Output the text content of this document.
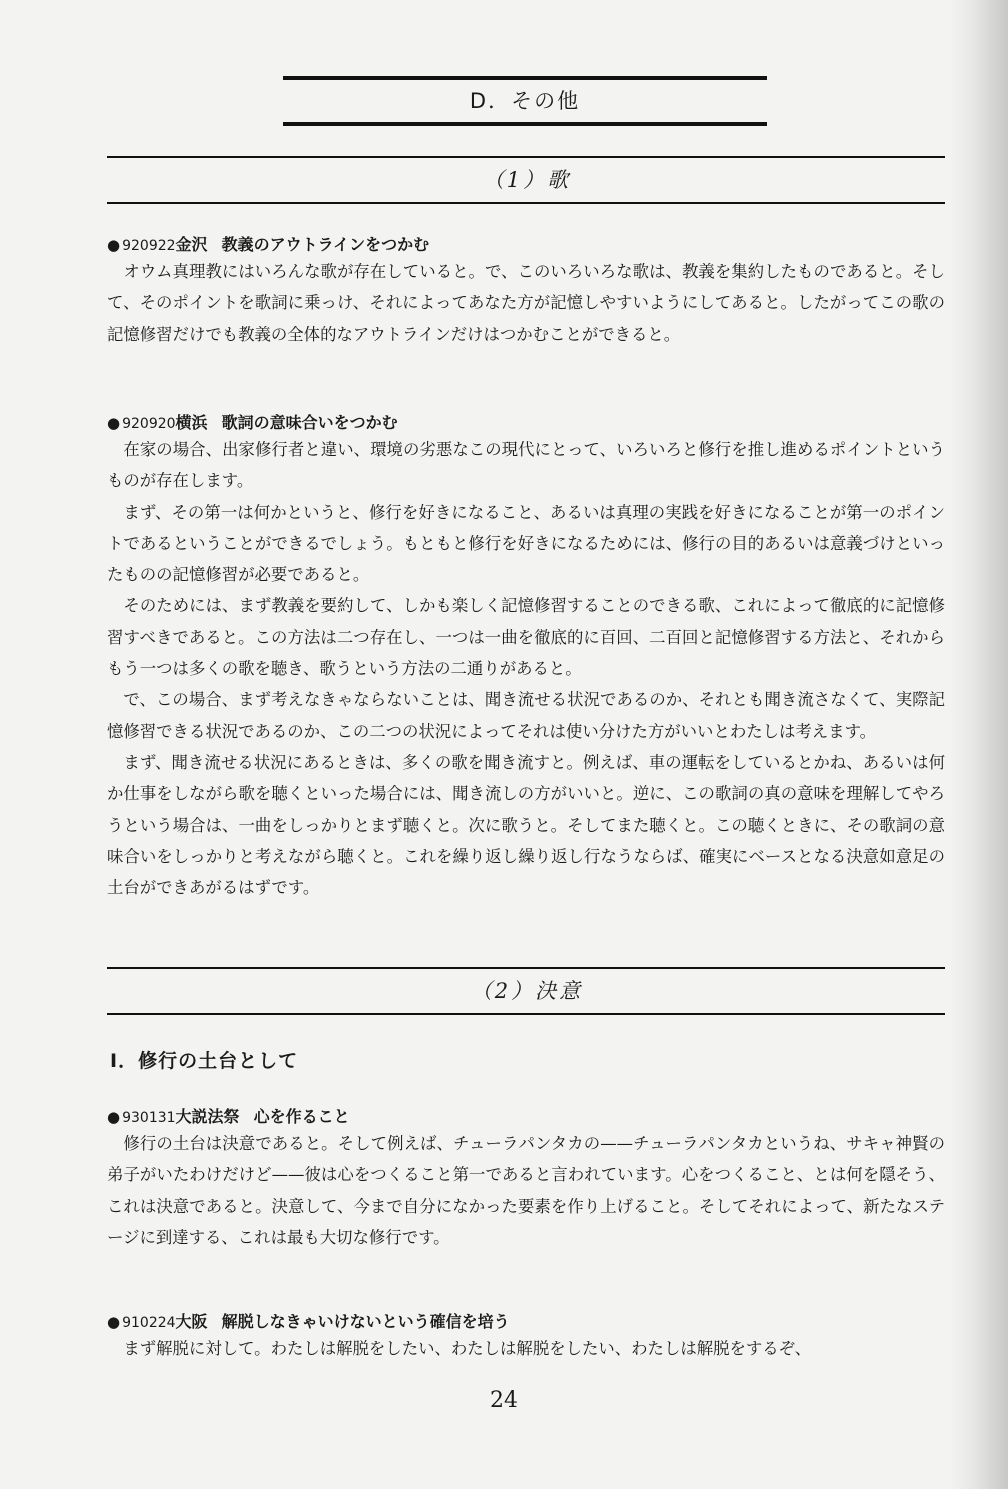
D．その他
（1）歌
● 920922金沢 教義のアウトラインをつかむ

オウム真理教にはいろんな歌が存在していると。で、このいろいろな歌は、教義を集約したものであると。そして、そのポイントを歌詞に乗っけ、それによってあなた方が記憶しやすいようにしてあると。したがってこの歌の記憶修習だけでも教義の全体的なアウトラインだけはつかむことができると。

● 920920横浜 歌詞の意味合いをつかむ

在家の場合、出家修行者と違い、環境の劣悪なこの現代にとって、いろいろと修行を推し進めるポイントというものが存在します。

まず、その第一は何かというと、修行を好きになること、あるいは真理の実践を好きになることが第一のポイントであるということができるでしょう。もともと修行を好きになるためには、修行の目的あるいは意義づけといったものの記憶修習が必要であると。

そのためには、まず教義を要約して、しかも楽しく記憶修習することのできる歌、これによって徹底的に記憶修習すべきであると。この方法は二つ存在し、一つは一曲を徹底的に百回、二百回と記憶修習する方法と、それからもう一つは多くの歌を聴き、歌うという方法の二通りがあると。

で、この場合、まず考えなきゃならないことは、聞き流せる状況であるのか、それとも聞き流さなくて、実際記憶修習できる状況であるのか、この二つの状況によってそれは使い分けた方がいいとわたしは考えます。

まず、聞き流せる状況にあるときは、多くの歌を聞き流すと。例えば、車の運転をしているとかね、あるいは何か仕事をしながら歌を聴くといった場合には、聞き流しの方がいいと。逆に、この歌詞の真の意味を理解してやろうという場合は、一曲をしっかりとまず聴くと。次に歌うと。そしてまた聴くと。この聴くときに、その歌詞の意味合いをしっかりと考えながら聴くと。これを繰り返し繰り返し行なうならば、確実にベースとなる決意如意足の土台ができあがるはずです。

（2）決意
I．修行の土台として
● 930131大説法祭 心を作ること

修行の土台は決意であると。そして例えば、チューラパンタカの——チューラパンタカというね、サキャ神賢の弟子がいたわけだけど——彼は心をつくること第一であると言われています。心をつくること、とは何を隠そう、これは決意であると。決意して、今まで自分になかった要素を作り上げること。そしてそれによって、新たなステージに到達する、これは最も大切な修行です。

● 910224大阪 解脱しなきゃいけないという確信を培う

まず解脱に対して。わたしは解脱をしたい、わたしは解脱をしたい、わたしは解脱をするぞ、

24
